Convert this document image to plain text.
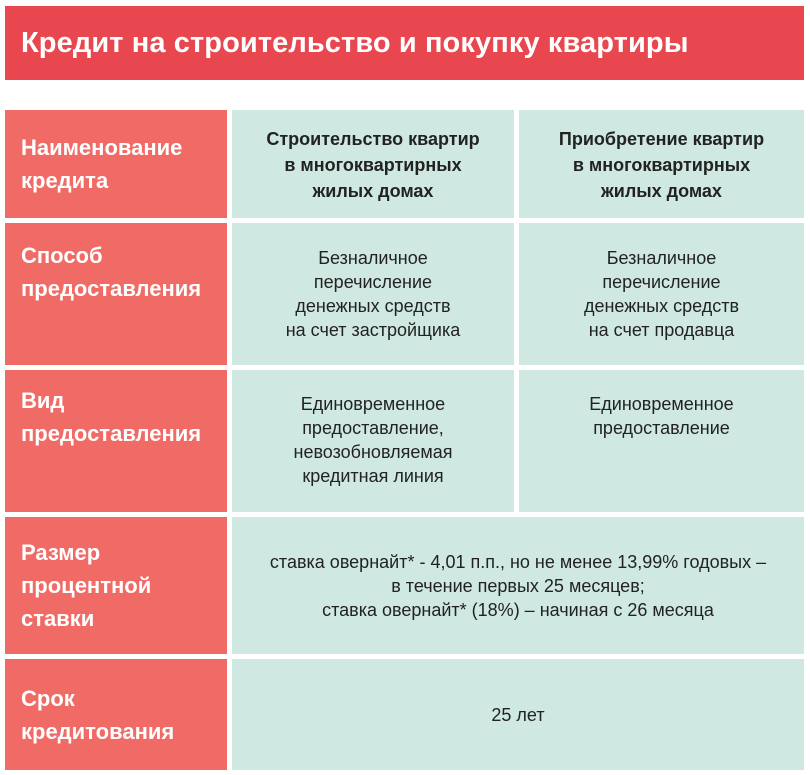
Кредит на строительство и покупку квартиры
Наименование
кредита
Строительство квартир
в многоквартирных
жилых домах
Приобретение квартир
в многоквартирных
жилых домах
Способ
предоставления
Безналичное
перечисление
денежных средств
на счет застройщика
Безналичное
перечисление
денежных средств
на счет продавца
Вид
предоставления
Единовременное
предоставление,
невозобновляемая
кредитная линия
Единовременное
предоставление
Размер
процентной
ставки
ставка овернайт* - 4,01 п.п., но не менее 13,99% годовых –
в течение первых 25 месяцев;
ставка овернайт* (18%) – начиная с 26 месяца
Срок
кредитования
25 лет
